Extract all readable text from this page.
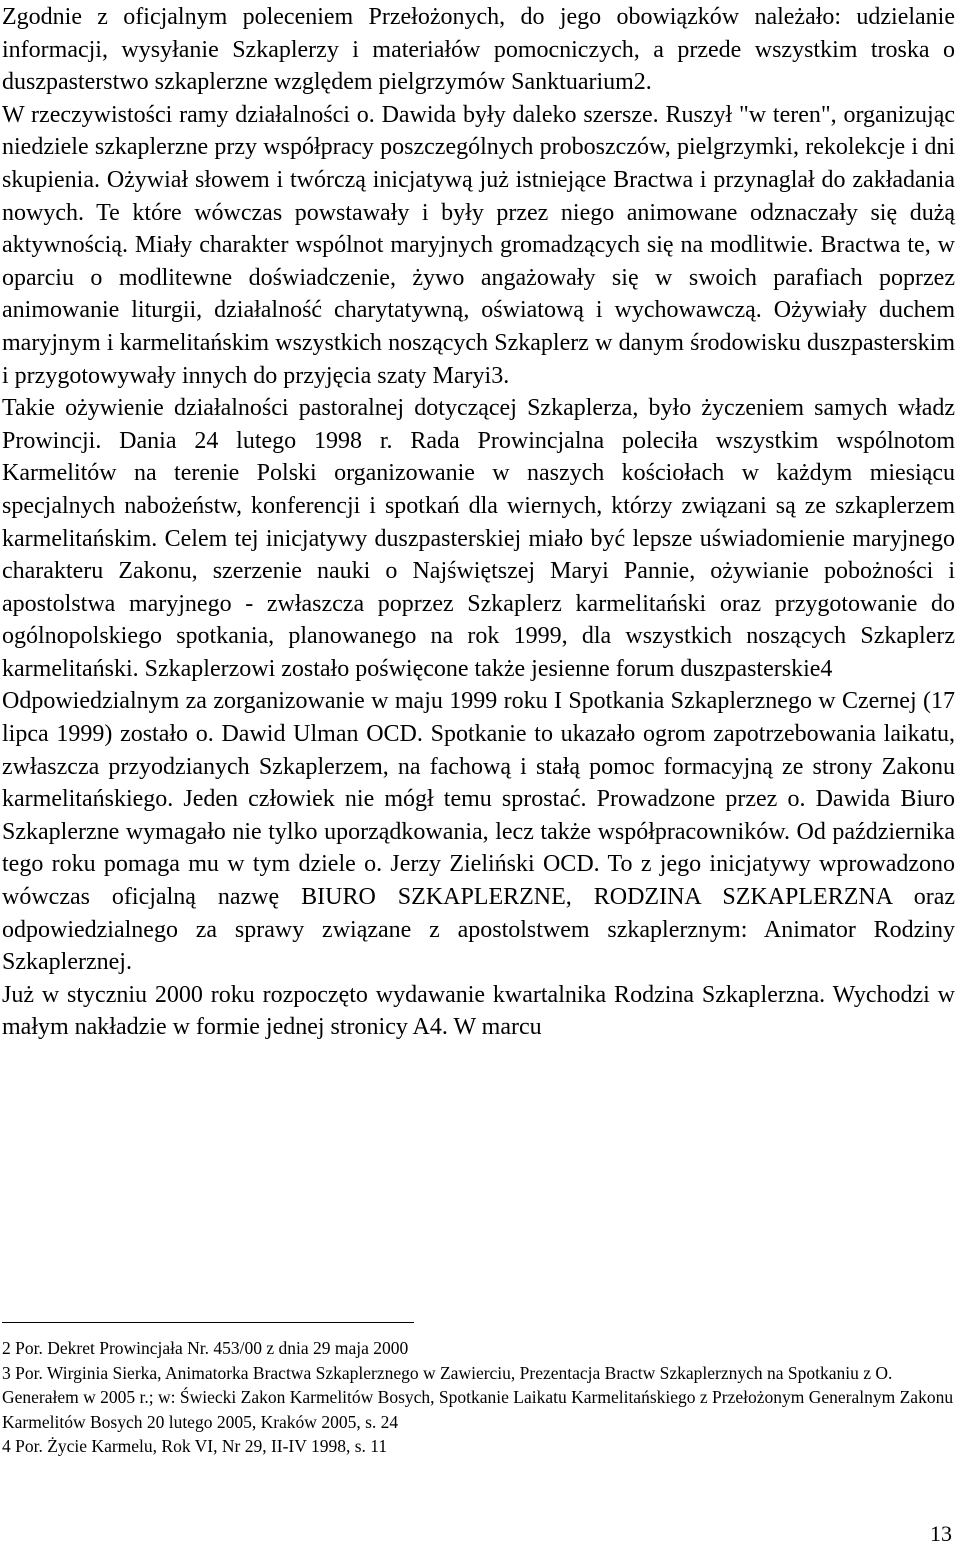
Zgodnie z oficjalnym poleceniem Przełożonych, do jego obowiązków należało: udzielanie informacji, wysyłanie Szkaplerzy i materiałów pomocniczych, a przede wszystkim troska o duszpasterstwo szkaplerzne względem pielgrzymów Sanktuarium2.

W rzeczywistości ramy działalności o. Dawida były daleko szersze. Ruszył "w teren", organizując niedziele szkaplerzne przy współpracy poszczególnych proboszczów, pielgrzymki, rekolekcje i dni skupienia. Ożywiał słowem i twórczą inicjatywą już istniejące Bractwa i przynaglał do zakładania nowych. Te które wówczas powstawały i były przez niego animowane odznaczały się dużą aktywnością. Miały charakter wspólnot maryjnych gromadzących się na modlitwie. Bractwa te, w oparciu o modlitewne doświadczenie, żywo angażowały się w swoich parafiach poprzez animowanie liturgii, działalność charytatywną, oświatową i wychowawczą. Ożywiały duchem maryjnym i karmelitańskim wszystkich noszących Szkaplerz w danym środowisku duszpasterskim i przygotowywały innych do przyjęcia szaty Maryi3.

Takie ożywienie działalności pastoralnej dotyczącej Szkaplerza, było życzeniem samych władz Prowincji. Dania 24 lutego 1998 r. Rada Prowincjalna poleciła wszystkim wspólnotom Karmelitów na terenie Polski organizowanie w naszych kościołach w każdym miesiącu specjalnych nabożeństw, konferencji i spotkań dla wiernych, którzy związani są ze szkaplerzem karmelitańskim. Celem tej inicjatywy duszpasterskiej miało być lepsze uświadomienie maryjnego charakteru Zakonu, szerzenie nauki o Najświętszej Maryi Pannie, ożywianie pobożności i apostolstwa maryjnego - zwłaszcza poprzez Szkaplerz karmelitański oraz przygotowanie do ogólnopolskiego spotkania, planowanego na rok 1999, dla wszystkich noszących Szkaplerz karmelitański. Szkaplerzowi zostało poświęcone także jesienne forum duszpasterskie4

Odpowiedzialnym za zorganizowanie w maju 1999 roku I Spotkania Szkaplerznego w Czernej (17 lipca 1999) zostało o. Dawid Ulman OCD. Spotkanie to ukazało ogrom zapotrzebowania laikatu, zwłaszcza przyodzianych Szkaplerzem, na fachową i stałą pomoc formacyjną ze strony Zakonu karmelitańskiego. Jeden człowiek nie mógł temu sprostać. Prowadzone przez o. Dawida Biuro Szkaplerzne wymagało nie tylko uporządkowania, lecz także współpracowników. Od października tego roku pomaga mu w tym dziele o. Jerzy Zieliński OCD. To z jego inicjatywy wprowadzono wówczas oficjalną nazwę BIURO SZKAPLERZNE, RODZINA SZKAPLERZNA oraz odpowiedzialnego za sprawy związane z apostolstwem szkaplerznym: Animator Rodziny Szkaplerznej.

Już w styczniu 2000 roku rozpoczęto wydawanie kwartalnika Rodzina Szkaplerzna. Wychodzi w małym nakładzie w formie jednej stronicy A4. W marcu

2 Por. Dekret Prowincjała Nr. 453/00 z dnia 29 maja 2000

3 Por. Wirginia Sierka, Animatorka Bractwa Szkaplerznego w Zawierciu, Prezentacja Bractw Szkaplerznych na Spotkaniu z O. Generałem w 2005 r.; w: Świecki Zakon Karmelitów Bosych, Spotkanie Laikatu Karmelitańskiego z Przełożonym Generalnym Zakonu Karmelitów Bosych 20 lutego 2005, Kraków 2005, s. 24

4 Por. Życie Karmelu, Rok VI, Nr 29, II-IV 1998, s. 11

13
